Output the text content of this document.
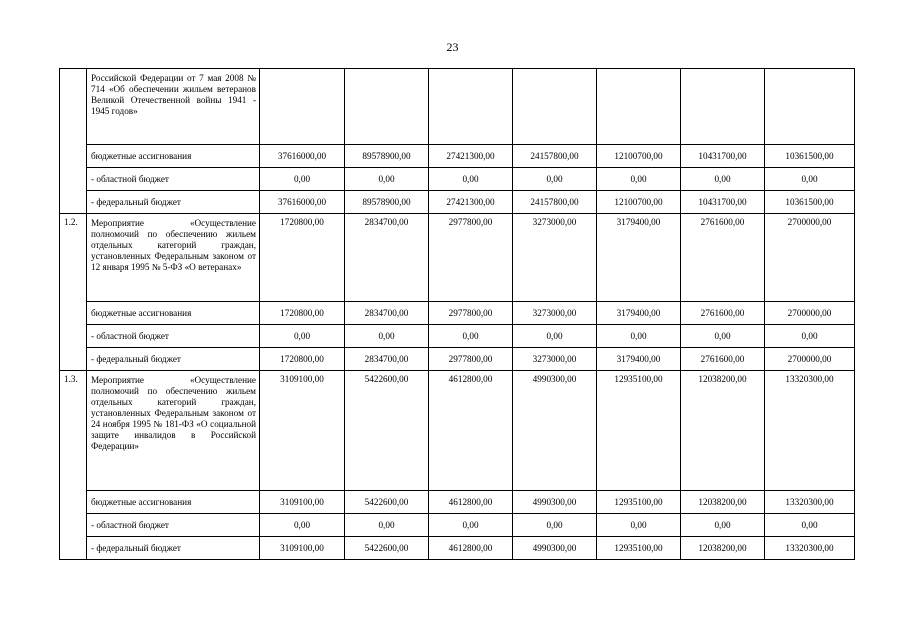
23
	Российской Федерации от 7 мая 2008 № 714 «Об обеспечении жильем ветеранов Великой Отечественной войны 1941 - 1945 годов»							
	бюджетные ассигнования	37616000,00	89578900,00	27421300,00	24157800,00	12100700,00	10431700,00	10361500,00
	- областной бюджет	0,00	0,00	0,00	0,00	0,00	0,00	0,00
	- федеральный бюджет	37616000,00	89578900,00	27421300,00	24157800,00	12100700,00	10431700,00	10361500,00
1.2.	Мероприятие «Осуществление полномочий по обеспечению жильем отдельных категорий граждан, установленных Федеральным законом от 12 января 1995 № 5-ФЗ «О ветеранах»	1720800,00	2834700,00	2977800,00	3273000,00	3179400,00	2761600,00	2700000,00
	бюджетные ассигнования	1720800,00	2834700,00	2977800,00	3273000,00	3179400,00	2761600,00	2700000,00
	- областной бюджет	0,00	0,00	0,00	0,00	0,00	0,00	0,00
	- федеральный бюджет	1720800,00	2834700,00	2977800,00	3273000,00	3179400,00	2761600,00	2700000,00
1.3.	Мероприятие «Осуществление полномочий по обеспечению жильем отдельных категорий граждан, установленных Федеральным законом от 24 ноября 1995 № 181-ФЗ «О социальной защите инвалидов в Российской Федерации»	3109100,00	5422600,00	4612800,00	4990300,00	12935100,00	12038200,00	13320300,00
	бюджетные ассигнования	3109100,00	5422600,00	4612800,00	4990300,00	12935100,00	12038200,00	13320300,00
	- областной бюджет	0,00	0,00	0,00	0,00	0,00	0,00	0,00
	- федеральный бюджет	3109100,00	5422600,00	4612800,00	4990300,00	12935100,00	12038200,00	13320300,00
